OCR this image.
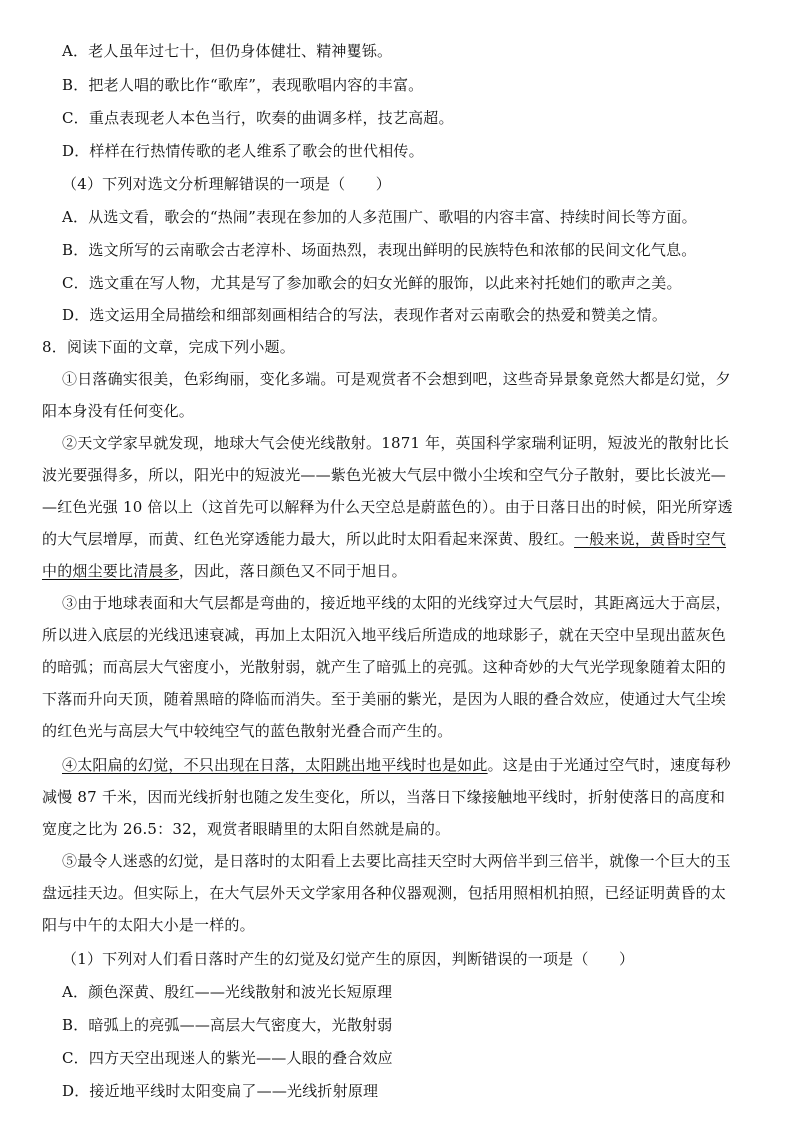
A．老人虽年过七十，但仍身体健壮、精神矍铄。
B．把老人唱的歌比作“歌库”，表现歌唱内容的丰富。
C．重点表现老人本色当行，吹奏的曲调多样，技艺高超。
D．样样在行热情传歌的老人维系了歌会的世代相传。
（4）下列对选文分析理解错误的一项是（　　）
A．从选文看，歌会的“热闹”表现在参加的人多范围广、歌唱的内容丰富、持续时间长等方面。
B．选文所写的云南歌会古老淳朴、场面热烈，表现出鲜明的民族特色和浓郁的民间文化气息。
C．选文重在写人物，尤其是写了参加歌会的妇女光鲜的服饰，以此来衬托她们的歌声之美。
D．选文运用全局描绘和细部刻画相结合的写法，表现作者对云南歌会的热爱和赞美之情。
8．阅读下面的文章，完成下列小题。
①日落确实很美，色彩绚丽，变化多端。可是观赏者不会想到吧，这些奇异景象竟然大都是幻觉，夕
阳本身没有任何变化。
②天文学家早就发现，地球大气会使光线散射。1871 年，英国科学家瑞利证明，短波光的散射比长
波光要强得多，所以，阳光中的短波光——紫色光被大气层中微小尘埃和空气分子散射，要比长波光—
—红色光强 10 倍以上（这首先可以解释为什么天空总是蔚蓝色的）。由于日落日出的时候，阳光所穿透
的大气层增厚，而黄、红色光穿透能力最大，所以此时太阳看起来深黄、殷红。一般来说，黄昏时空气
中的烟尘要比清晨多，因此，落日颜色又不同于旭日。
③由于地球表面和大气层都是弯曲的，接近地平线的太阳的光线穿过大气层时，其距离远大于高层，
所以进入底层的光线迅速衰减，再加上太阳沉入地平线后所造成的地球影子，就在天空中呈现出蓝灰色
的暗弧；而高层大气密度小，光散射弱，就产生了暗弧上的亮弧。这种奇妙的大气光学现象随着太阳的
下落而升向天顶，随着黑暗的降临而消失。至于美丽的紫光，是因为人眼的叠合效应，使通过大气尘埃
的红色光与高层大气中较纯空气的蓝色散射光叠合而产生的。
④太阳扁的幻觉，不只出现在日落，太阳跳出地平线时也是如此。这是由于光通过空气时，速度每秒
减慢 87 千米，因而光线折射也随之发生变化，所以，当落日下缘接触地平线时，折射使落日的高度和
宽度之比为 26.5：32，观赏者眼睛里的太阳自然就是扁的。
⑤最令人迷惑的幻觉，是日落时的太阳看上去要比高挂天空时大两倍半到三倍半，就像一个巨大的玉
盘远挂天边。但实际上，在大气层外天文学家用各种仪器观测，包括用照相机拍照，已经证明黄昏的太
阳与中午的太阳大小是一样的。
（1）下列对人们看日落时产生的幻觉及幻觉产生的原因，判断错误的一项是（　　）
A．颜色深黄、殷红——光线散射和波光长短原理
B．暗弧上的亮弧——高层大气密度大，光散射弱
C．四方天空出现迷人的紫光——人眼的叠合效应
D．接近地平线时太阳变扁了——光线折射原理
